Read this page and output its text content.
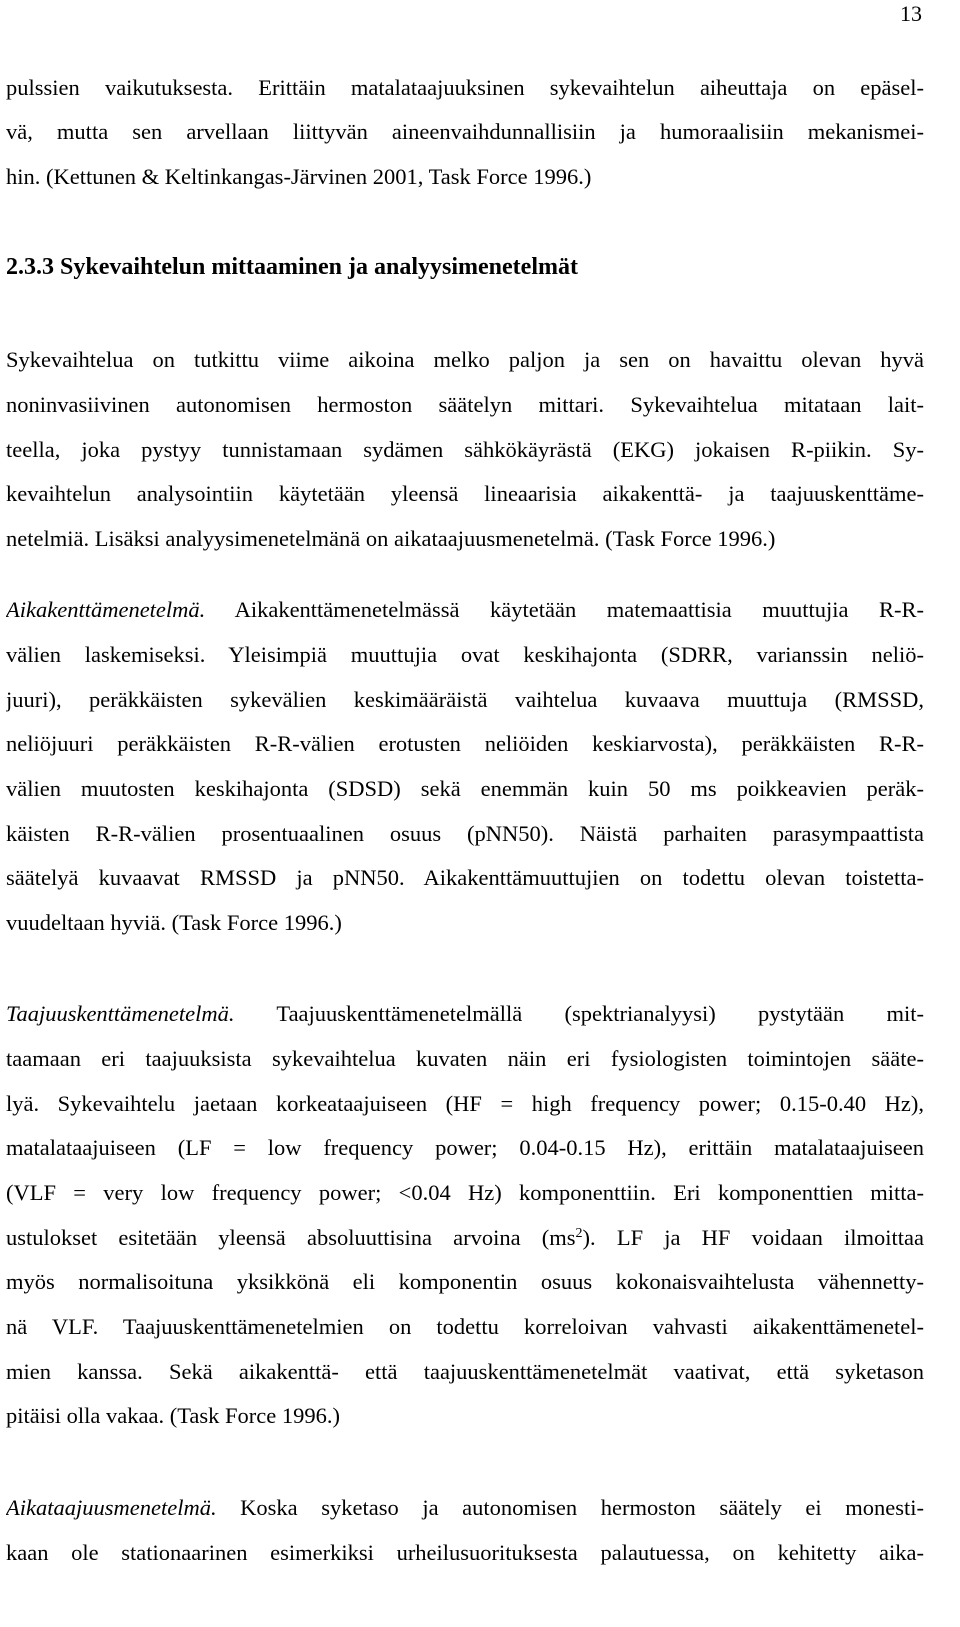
13
pulssien vaikutuksesta. Erittäin matalataajuuksinen sykevaihtelun aiheuttaja on epäsel-
vä, mutta sen arvellaan liittyvän aineenvaihdunnallisiin ja humoraalisiin mekanismei-
hin. (Kettunen & Keltinkangas-Järvinen 2001, Task Force 1996.)
2.3.3 Sykevaihtelun mittaaminen ja analyysimenetelmät
Sykevaihtelua on tutkittu viime aikoina melko paljon ja sen on havaittu olevan hyvä
noninvasiivinen autonomisen hermoston säätelyn mittari. Sykevaihtelua mitataan lait-
teella, joka pystyy tunnistamaan sydämen sähkökäyrästä (EKG) jokaisen R-piikin. Sy-
kevaihtelun analysointiin käytetään yleensä lineaarisia aikakenttä- ja taajuuskenttäme-
netelmiä. Lisäksi analyysimenetelmänä on aikataajuusmenetelmä. (Task Force 1996.)
Aikakenttämenetelmä. Aikakenttämenetelmässä käytetään matemaattisia muuttujia R-R-
välien laskemiseksi. Yleisimpiä muuttujia ovat keskihajonta (SDRR, varianssin neliö-
juuri), peräkkäisten sykevälien keskimääräistä vaihtelua kuvaava muuttuja (RMSSD,
neliöjuuri peräkkäisten R-R-välien erotusten neliöiden keskiarvosta), peräkkäisten R-R-
välien muutosten keskihajonta (SDSD) sekä enemmän kuin 50 ms poikkeavien peräk-
käisten R-R-välien prosentuaalinen osuus (pNN50). Näistä parhaiten parasympaattista
säätelyä kuvaavat RMSSD ja pNN50. Aikakenttämuuttujien on todettu olevan toistetta-
vuudeltaan hyviä. (Task Force 1996.)
Taajuuskenttämenetelmä. Taajuuskenttämenetelmällä (spektrianalyysi) pystytään mit-
taamaan eri taajuuksista sykevaihtelua kuvaten näin eri fysiologisten toimintojen sääte-
lyä. Sykevaihtelu jaetaan korkeataajuiseen (HF = high frequency power; 0.15-0.40 Hz),
matalataajuiseen (LF = low frequency power; 0.04-0.15 Hz), erittäin matalataajuiseen
(VLF = very low frequency power; <0.04 Hz) komponenttiin. Eri komponenttien mitta-
ustulokset esitetään yleensä absoluuttisina arvoina $(ms^2)$. LF ja HF voidaan ilmoittaa
myös normalisoituna yksikkönä eli komponentin osuus kokonaisvaihtelusta vähennetty-
nä VLF. Taajuuskenttämenetelmien on todettu korreloivan vahvasti aikakenttämenetel-
mien kanssa. Sekä aikakenttä- että taajuuskenttämenetelmät vaativat, että syketason
pitäisi olla vakaa. (Task Force 1996.)
Aikataajuusmenetelmä. Koska syketaso ja autonomisen hermoston säätely ei monesti-
kaan ole stationaarinen esimerkiksi urheilusuorituksesta palautuessa, on kehitetty aika-
